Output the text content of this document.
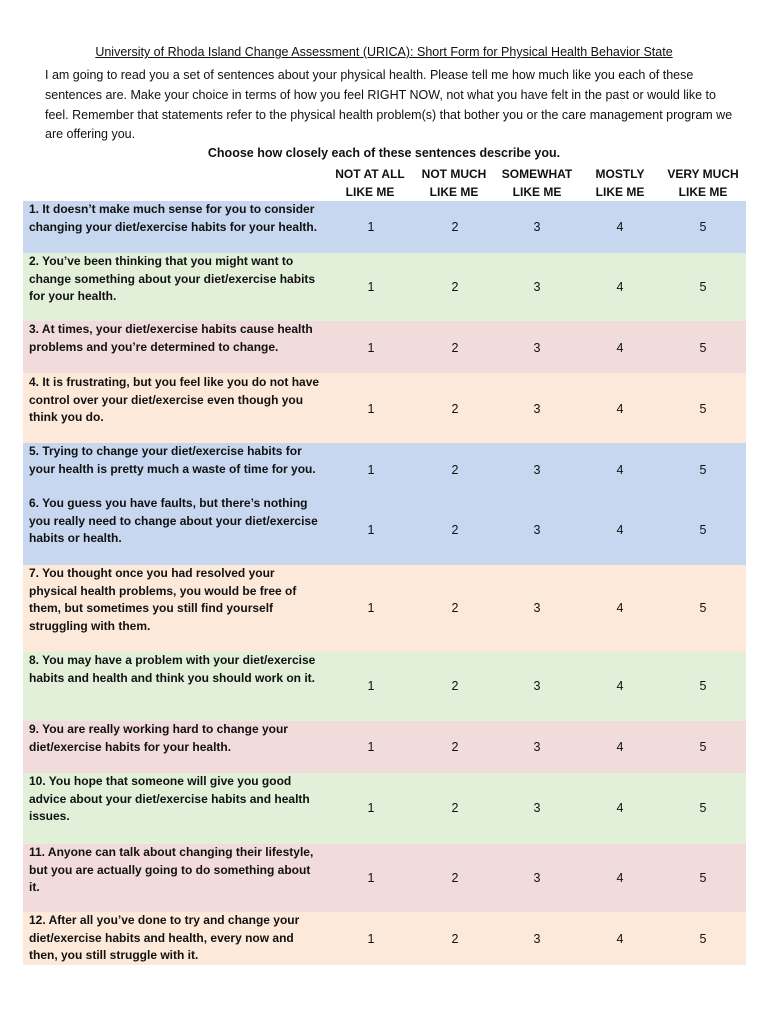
University of Rhoda Island Change Assessment (URICA): Short Form for Physical Health Behavior State
I am going to read you a set of sentences about your physical health. Please tell me how much like you each of these sentences are. Make your choice in terms of how you feel RIGHT NOW, not what you have felt in the past or would like to feel. Remember that statements refer to the physical health problem(s) that bother you or the care management program we are offering you.
Choose how closely each of these sentences describe you.
NOT AT ALL
LIKE ME
NOT MUCH
LIKE ME
SOMEWHAT
LIKE ME
MOSTLY
LIKE ME
VERY MUCH
LIKE ME
1. It doesn’t make much sense for you to consider changing your diet/exercise habits for your health.	1	2	3	4	5
2. You’ve been thinking that you might want to change something about your diet/exercise habits for your health.
1	2	3	4	5
3. At times, your diet/exercise habits cause health problems and you’re determined to change.	1	2	3	4	5
4. It is frustrating, but you feel like you do not have control over your diet/exercise even though you think you do.
1	2	3	4	5
5. Trying to change your diet/exercise habits for your health is pretty much a waste of time for you.	1	2	3	4	5
6. You guess you have faults, but there’s nothing you really need to change about your diet/exercise habits or health.
1	2	3	4	5
7. You thought once you had resolved your physical health problems, you would be free of them, but sometimes you still find yourself struggling with them.
1	2	3	4	5
8. You may have a problem with your diet/exercise habits and health and think you should work on it.
1	2	3	4	5
9. You are really working hard to change your diet/exercise habits for your health.	1	2	3	4	5
10. You hope that someone will give you good advice about your diet/exercise habits and health issues.
1	2	3	4	5
11. Anyone can talk about changing their lifestyle, but you are actually going to do something about it.
1	2	3	4	5
12. After all you’ve done to try and change your diet/exercise habits and health, every now and then, you still struggle with it.
1	2	3	4	5
